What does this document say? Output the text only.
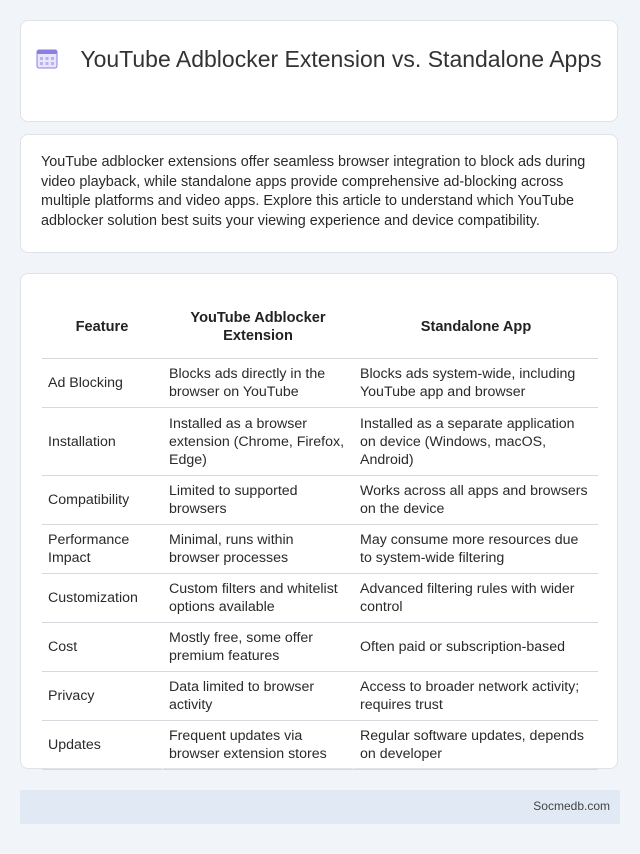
YouTube Adblocker Extension vs. Standalone Apps
YouTube adblocker extensions offer seamless browser integration to block ads during video playback, while standalone apps provide comprehensive ad-blocking across multiple platforms and video apps. Explore this article to understand which YouTube adblocker solution best suits your viewing experience and device compatibility.
Feature	YouTube Adblocker Extension	Standalone App
Ad Blocking	Blocks ads directly in the browser on YouTube	Blocks ads system-wide, including YouTube app and browser
Installation	Installed as a browser extension (Chrome, Firefox, Edge)	Installed as a separate application on device (Windows, macOS, Android)
Compatibility	Limited to supported browsers	Works across all apps and browsers on the device
Performance Impact	Minimal, runs within browser processes	May consume more resources due to system-wide filtering
Customization	Custom filters and whitelist options available	Advanced filtering rules with wider control
Cost	Mostly free, some offer premium features	Often paid or subscription-based
Privacy	Data limited to browser activity	Access to broader network activity; requires trust
Updates	Frequent updates via browser extension stores	Regular software updates, depends on developer
Socmedb.com
